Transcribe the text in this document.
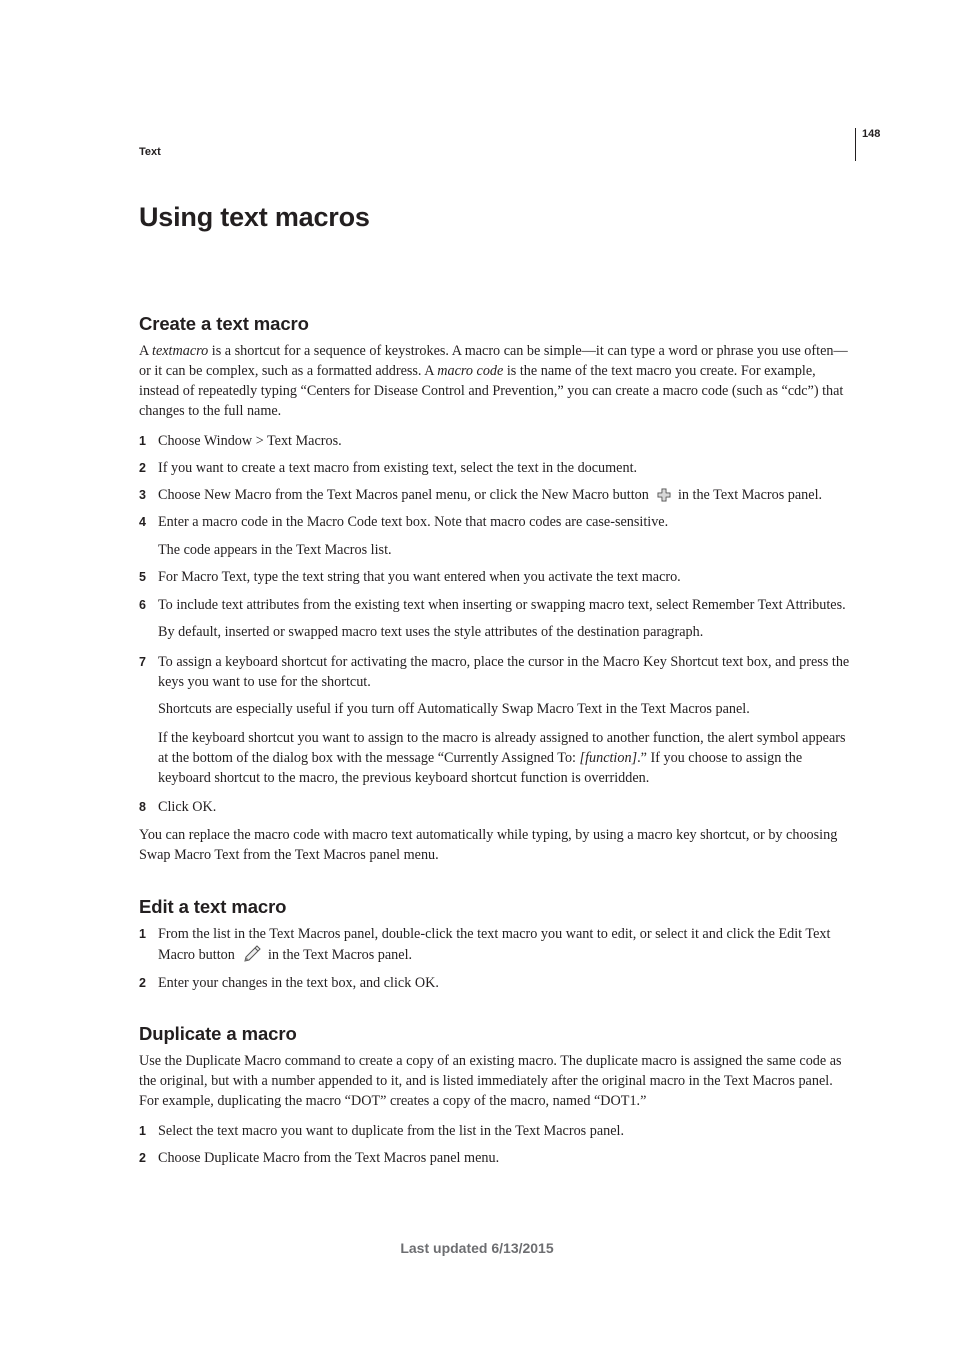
Text
148
Using text macros
Create a text macro

A textmacro is a shortcut for a sequence of keystrokes. A macro can be simple—it can type a word or phrase you use often—or it can be complex, such as a formatted address. A macro code is the name of the text macro you create. For example, instead of repeatedly typing “Centers for Disease Control and Prevention,” you can create a macro code (such as “cdc”) that changes to the full name.

1 Choose Window > Text Macros.
2 If you want to create a text macro from existing text, select the text in the document.
3 Choose New Macro from the Text Macros panel menu, or click the New Macro button  in the Text Macros panel.
4 Enter a macro code in the Macro Code text box. Note that macro codes are case-sensitive.

The code appears in the Text Macros list.

5 For Macro Text, type the text string that you want entered when you activate the text macro.
6 To include text attributes from the existing text when inserting or swapping macro text, select Remember Text Attributes.

By default, inserted or swapped macro text uses the style attributes of the destination paragraph.

7 To assign a keyboard shortcut for activating the macro, place the cursor in the Macro Key Shortcut text box, and press the keys you want to use for the shortcut.

Shortcuts are especially useful if you turn off Automatically Swap Macro Text in the Text Macros panel.

If the keyboard shortcut you want to assign to the macro is already assigned to another function, the alert symbol appears at the bottom of the dialog box with the message “Currently Assigned To: [function].” If you choose to assign the keyboard shortcut to the macro, the previous keyboard shortcut function is overridden.

8 Click OK.

You can replace the macro code with macro text automatically while typing, by using a macro key shortcut, or by choosing Swap Macro Text from the Text Macros panel menu.

Edit a text macro
1 From the list in the Text Macros panel, double-click the text macro you want to edit, or select it and click the Edit Text Macro button  in the Text Macros panel.
2 Enter your changes in the text box, and click OK.
Duplicate a macro

Use the Duplicate Macro command to create a copy of an existing macro. The duplicate macro is assigned the same code as the original, but with a number appended to it, and is listed immediately after the original macro in the Text Macros panel. For example, duplicating the macro “DOT” creates a copy of the macro, named “DOT1.”

1 Select the text macro you want to duplicate from the list in the Text Macros panel.
2 Choose Duplicate Macro from the Text Macros panel menu.
Last updated 6/13/2015
